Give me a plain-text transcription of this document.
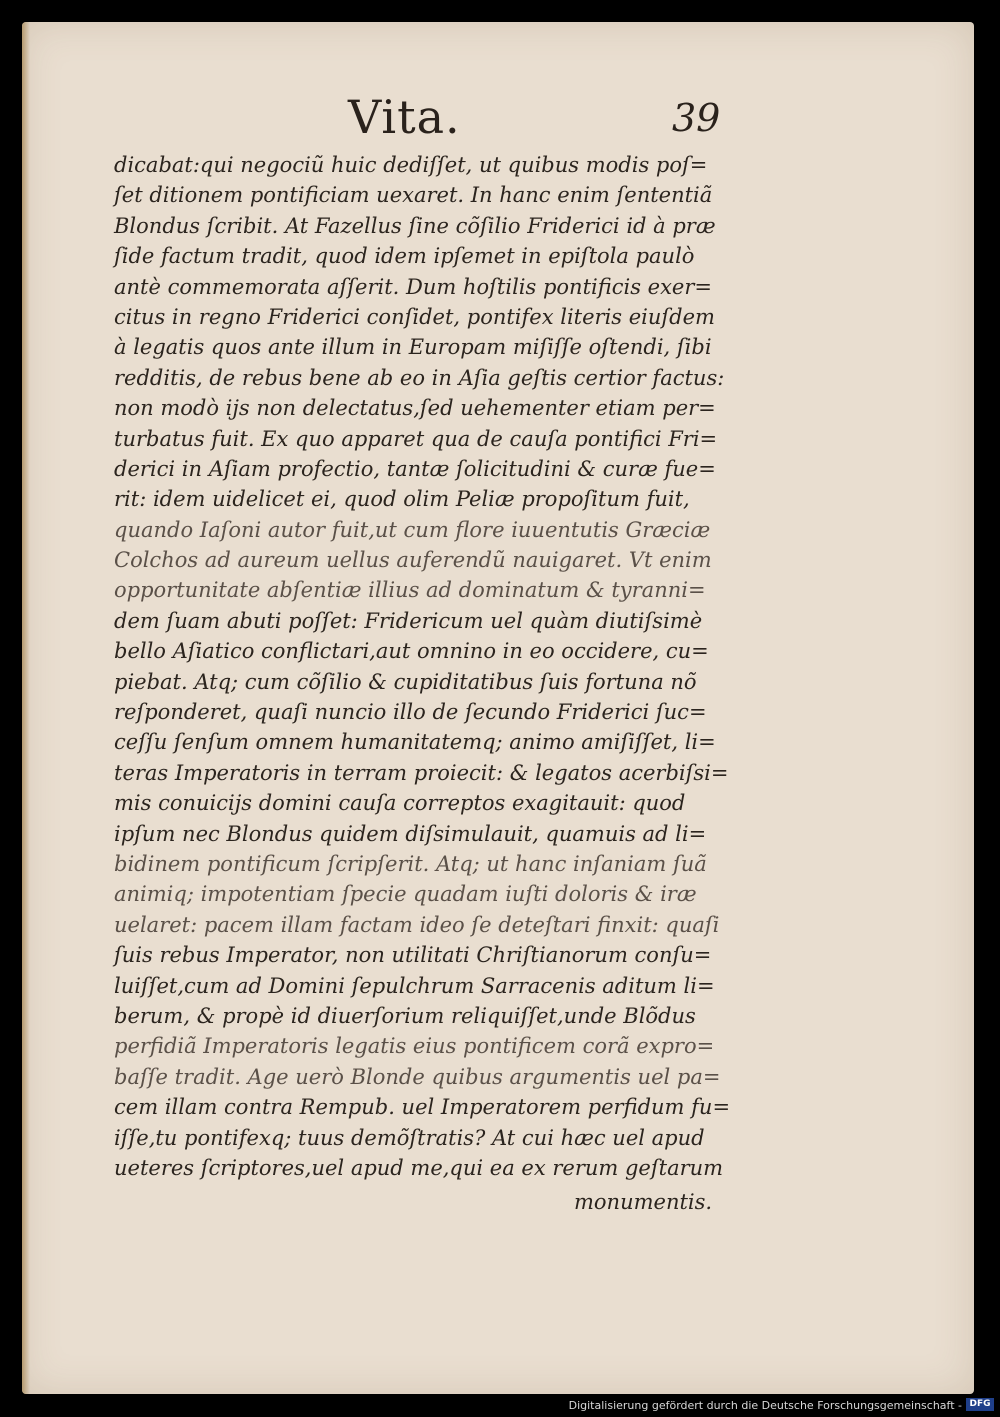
Vita.	39
dicabat:qui negociũ huic dediſſet, ut quibus modis poſ=
ſet ditionem pontificiam uexaret. In hanc enim ſententiã
Blondus ſcribit. At Fazellus ſine cõſilio Friderici id à præ
ſide factum tradit, quod idem ipſemet in epiſtola paulò
antè commemorata aſſerit. Dum hoſtilis pontificis exer=
citus in regno Friderici conſidet, pontifex literis eiuſdem
à legatis quos ante illum in Europam miſiſſe oſtendi, ſibi
redditis, de rebus bene ab eo in Aſia geſtis certior factus:
non modò ijs non delectatus,ſed uehementer etiam per=
turbatus fuit. Ex quo apparet qua de cauſa pontifici Fri=
derici in Aſiam profectio, tantæ ſolicitudini & curæ fue=
rit: idem uidelicet ei, quod olim Peliæ propoſitum fuit,
quando Iaſoni autor fuit,ut cum flore iuuentutis Græciæ
Colchos ad aureum uellus auferendũ nauigaret. Vt enim
opportunitate abſentiæ illius ad dominatum & tyranni=
dem ſuam abuti poſſet: Fridericum uel quàm diutiſsimè
bello Aſiatico conflictari,aut omnino in eo occidere, cu=
piebat. Atq; cum cõſilio & cupiditatibus ſuis fortuna nõ
reſponderet, quaſi nuncio illo de ſecundo Friderici ſuc=
ceſſu ſenſum omnem humanitatemq; animo amiſiſſet, li=
teras Imperatoris in terram proiecit: & legatos acerbiſsi=
mis conuicijs domini cauſa correptos exagitauit: quod
ipſum nec Blondus quidem diſsimulauit, quamuis ad li=
bidinem pontificum ſcripſerit. Atq; ut hanc inſaniam ſuã
animiq; impotentiam ſpecie quadam iuſti doloris & iræ
uelaret: pacem illam factam ideo ſe deteſtari finxit: quaſi
ſuis rebus Imperator, non utilitati Chriſtianorum conſu=
luiſſet,cum ad Domini ſepulchrum Sarracenis aditum li=
berum, & propè id diuerſorium reliquiſſet,unde Blõdus
perfidiã Imperatoris legatis eius pontificem corã expro=
baſſe tradit. Age uerò Blonde quibus argumentis uel pa=
cem illam contra Rempub. uel Imperatorem perfidum fu=
iſſe,tu pontifexq; tuus demõſtratis? At cui hæc uel apud
ueteres ſcriptores,uel apud me,qui ea ex rerum geſtarum
monumentis.
Digitalisierung gefördert durch die Deutsche Forschungsgemeinschaft - DFG
